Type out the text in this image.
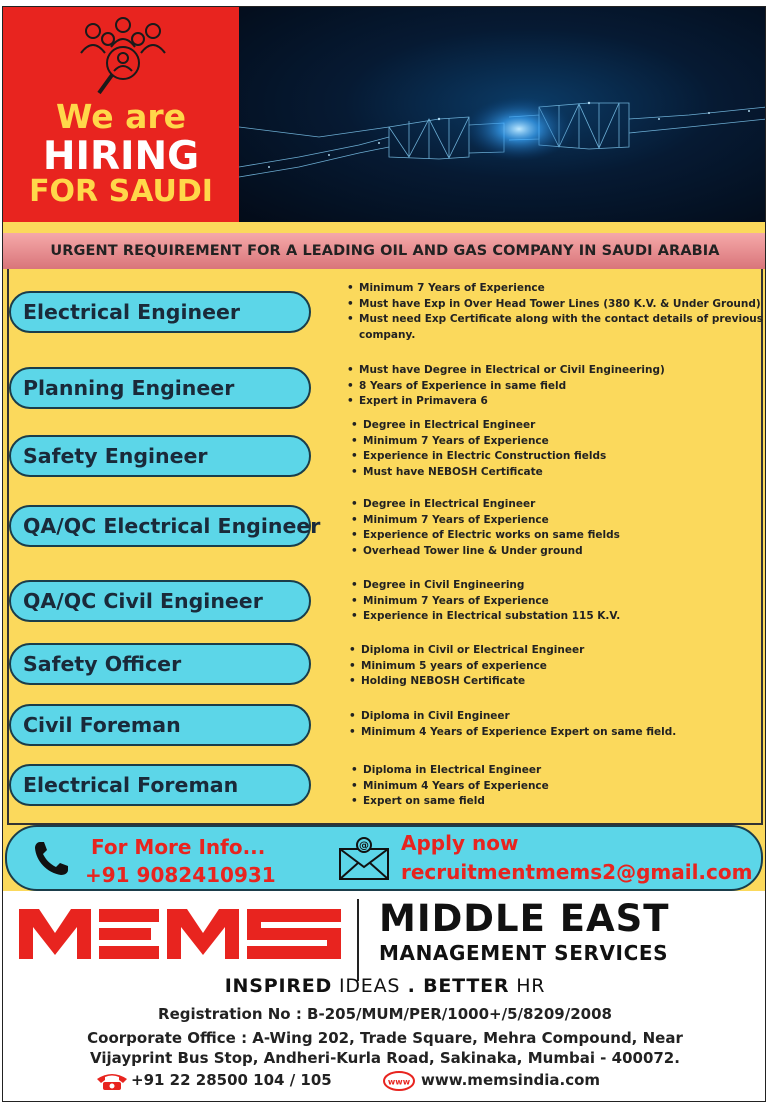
We are
HIRING
FOR SAUDI
URGENT REQUIREMENT FOR A LEADING OIL AND GAS COMPANY IN SAUDI ARABIA
Electrical Engineer
• Minimum 7 Years of Experience
• Must have Exp in Over Head Tower Lines (380 K.V. & Under Ground)
• Must need Exp Certificate along with the contact details of previous company.
Planning Engineer
• Must have Degree in Electrical or Civil Engineering)
• 8 Years of Experience in same field
• Expert in Primavera 6
Safety Engineer
• Degree in Electrical Engineer
• Minimum 7 Years of Experience
• Experience in Electric Construction fields
• Must have NEBOSH Certificate
QA/QC Electrical Engineer
• Degree in Electrical Engineer
• Minimum 7 Years of Experience
• Experience of Electric works on same fields
• Overhead Tower line & Under ground
QA/QC Civil Engineer
• Degree in Civil Engineering
• Minimum 7 Years of Experience
• Experience in Electrical substation 115 K.V.
Safety Officer
• Diploma in Civil or Electrical Engineer
• Minimum 5 years of experience
• Holding NEBOSH Certificate
Civil Foreman
•	Diploma in Civil Engineer
• Minimum 4 Years of Experience Expert on same field.
Electrical Foreman
• Diploma in Electrical Engineer
• Minimum 4 Years of Experience
• Expert on same field
For More Info...
+91 9082410931
@ Apply now
recruitmentmems2@gmail.com
MIDDLE EAST
MANAGEMENT SERVICES
INSPIRED IDEAS . BETTER HR
Registration No : B-205/MUM/PER/1000+/5/8209/2008
Coorporate Office : A-Wing 202, Trade Square, Mehra Compound, Near
Vijayprint Bus Stop, Andheri-Kurla Road, Sakinaka, Mumbai - 400072.
+91 22 28500 104 / 105	www www.memsindia.com
